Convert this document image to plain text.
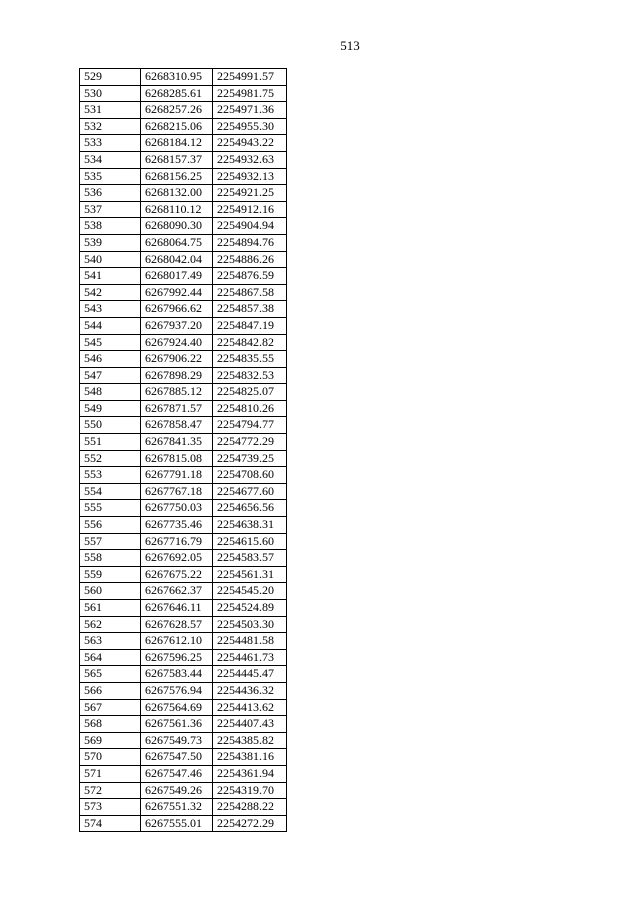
513
529	6268310.95	2254991.57
530	6268285.61	2254981.75
531	6268257.26	2254971.36
532	6268215.06	2254955.30
533	6268184.12	2254943.22
534	6268157.37	2254932.63
535	6268156.25	2254932.13
536	6268132.00	2254921.25
537	6268110.12	2254912.16
538	6268090.30	2254904.94
539	6268064.75	2254894.76
540	6268042.04	2254886.26
541	6268017.49	2254876.59
542	6267992.44	2254867.58
543	6267966.62	2254857.38
544	6267937.20	2254847.19
545	6267924.40	2254842.82
546	6267906.22	2254835.55
547	6267898.29	2254832.53
548	6267885.12	2254825.07
549	6267871.57	2254810.26
550	6267858.47	2254794.77
551	6267841.35	2254772.29
552	6267815.08	2254739.25
553	6267791.18	2254708.60
554	6267767.18	2254677.60
555	6267750.03	2254656.56
556	6267735.46	2254638.31
557	6267716.79	2254615.60
558	6267692.05	2254583.57
559	6267675.22	2254561.31
560	6267662.37	2254545.20
561	6267646.11	2254524.89
562	6267628.57	2254503.30
563	6267612.10	2254481.58
564	6267596.25	2254461.73
565	6267583.44	2254445.47
566	6267576.94	2254436.32
567	6267564.69	2254413.62
568	6267561.36	2254407.43
569	6267549.73	2254385.82
570	6267547.50	2254381.16
571	6267547.46	2254361.94
572	6267549.26	2254319.70
573	6267551.32	2254288.22
574	6267555.01	2254272.29
